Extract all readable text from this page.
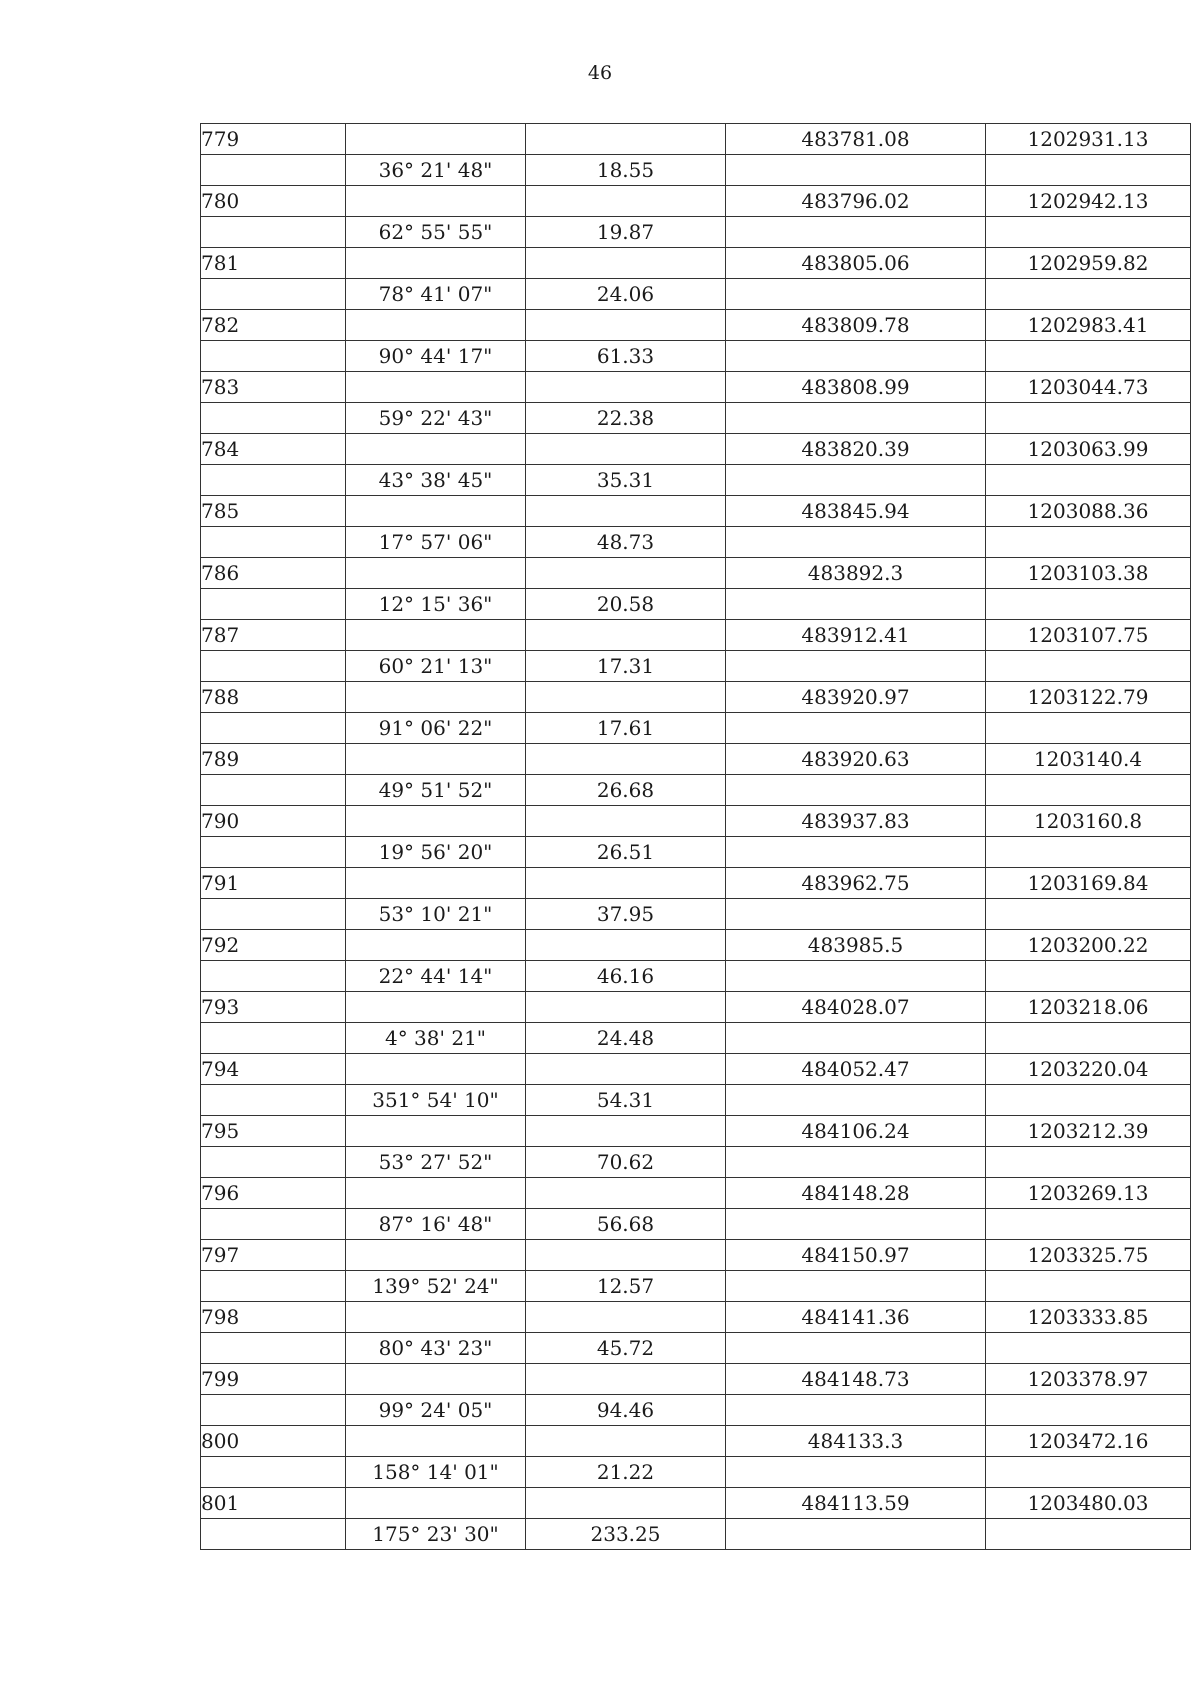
46
779			483781.08	1202931.13
	36° 21' 48"	18.55		
780			483796.02	1202942.13
	62° 55' 55"	19.87		
781			483805.06	1202959.82
	78° 41' 07"	24.06		
782			483809.78	1202983.41
	90° 44' 17"	61.33		
783			483808.99	1203044.73
	59° 22' 43"	22.38		
784			483820.39	1203063.99
	43° 38' 45"	35.31		
785			483845.94	1203088.36
	17° 57' 06"	48.73		
786			483892.3	1203103.38
	12° 15' 36"	20.58		
787			483912.41	1203107.75
	60° 21' 13"	17.31		
788			483920.97	1203122.79
	91° 06' 22"	17.61		
789			483920.63	1203140.4
	49° 51' 52"	26.68		
790			483937.83	1203160.8
	19° 56' 20"	26.51		
791			483962.75	1203169.84
	53° 10' 21"	37.95		
792			483985.5	1203200.22
	22° 44' 14"	46.16		
793			484028.07	1203218.06
	4° 38' 21"	24.48		
794			484052.47	1203220.04
	351° 54' 10"	54.31		
795			484106.24	1203212.39
	53° 27' 52"	70.62		
796			484148.28	1203269.13
	87° 16' 48"	56.68		
797			484150.97	1203325.75
	139° 52' 24"	12.57		
798			484141.36	1203333.85
	80° 43' 23"	45.72		
799			484148.73	1203378.97
	99° 24' 05"	94.46		
800			484133.3	1203472.16
	158° 14' 01"	21.22		
801			484113.59	1203480.03
	175° 23' 30"	233.25		
